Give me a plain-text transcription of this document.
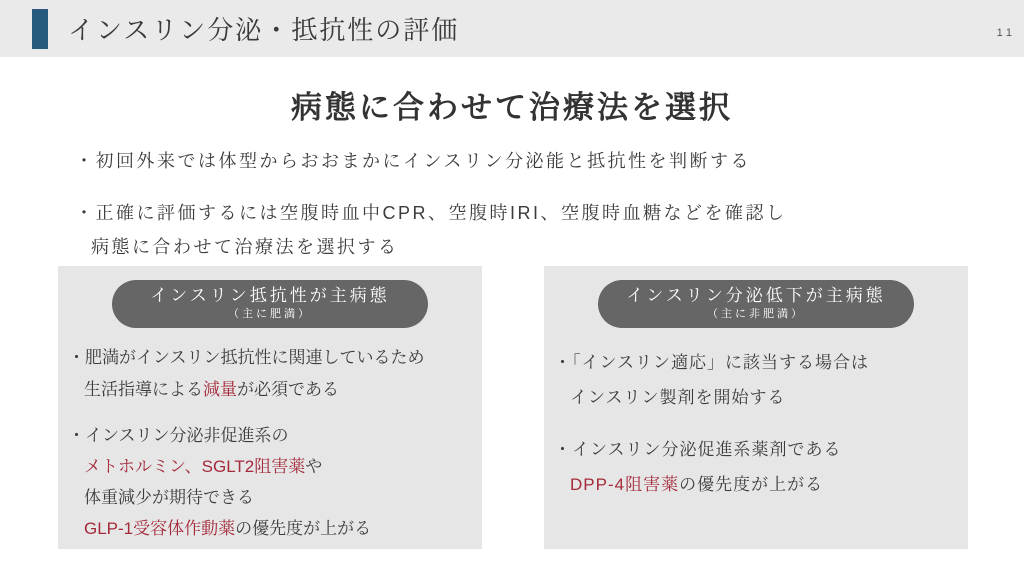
インスリン分泌・抵抗性の評価	11
病態に合わせて治療法を選択
・初回外来では体型からおおまかにインスリン分泌能と抵抗性を判断する
・正確に評価するには空腹時血中CPR、空腹時IRI、空腹時血糖などを確認し
病態に合わせて治療法を選択する
インスリン抵抗性が主病態
（主に肥満）
・肥満がインスリン抵抗性に関連しているため
生活指導による減量が必須である
・インスリン分泌非促進系の
メトホルミン、SGLT2阻害薬や
体重減少が期待できる
GLP-1受容体作動薬の優先度が上がる
インスリン分泌低下が主病態
（主に非肥満）
・「インスリン適応」に該当する場合は
インスリン製剤を開始する
・インスリン分泌促進系薬剤である
DPP-4阻害薬の優先度が上がる
